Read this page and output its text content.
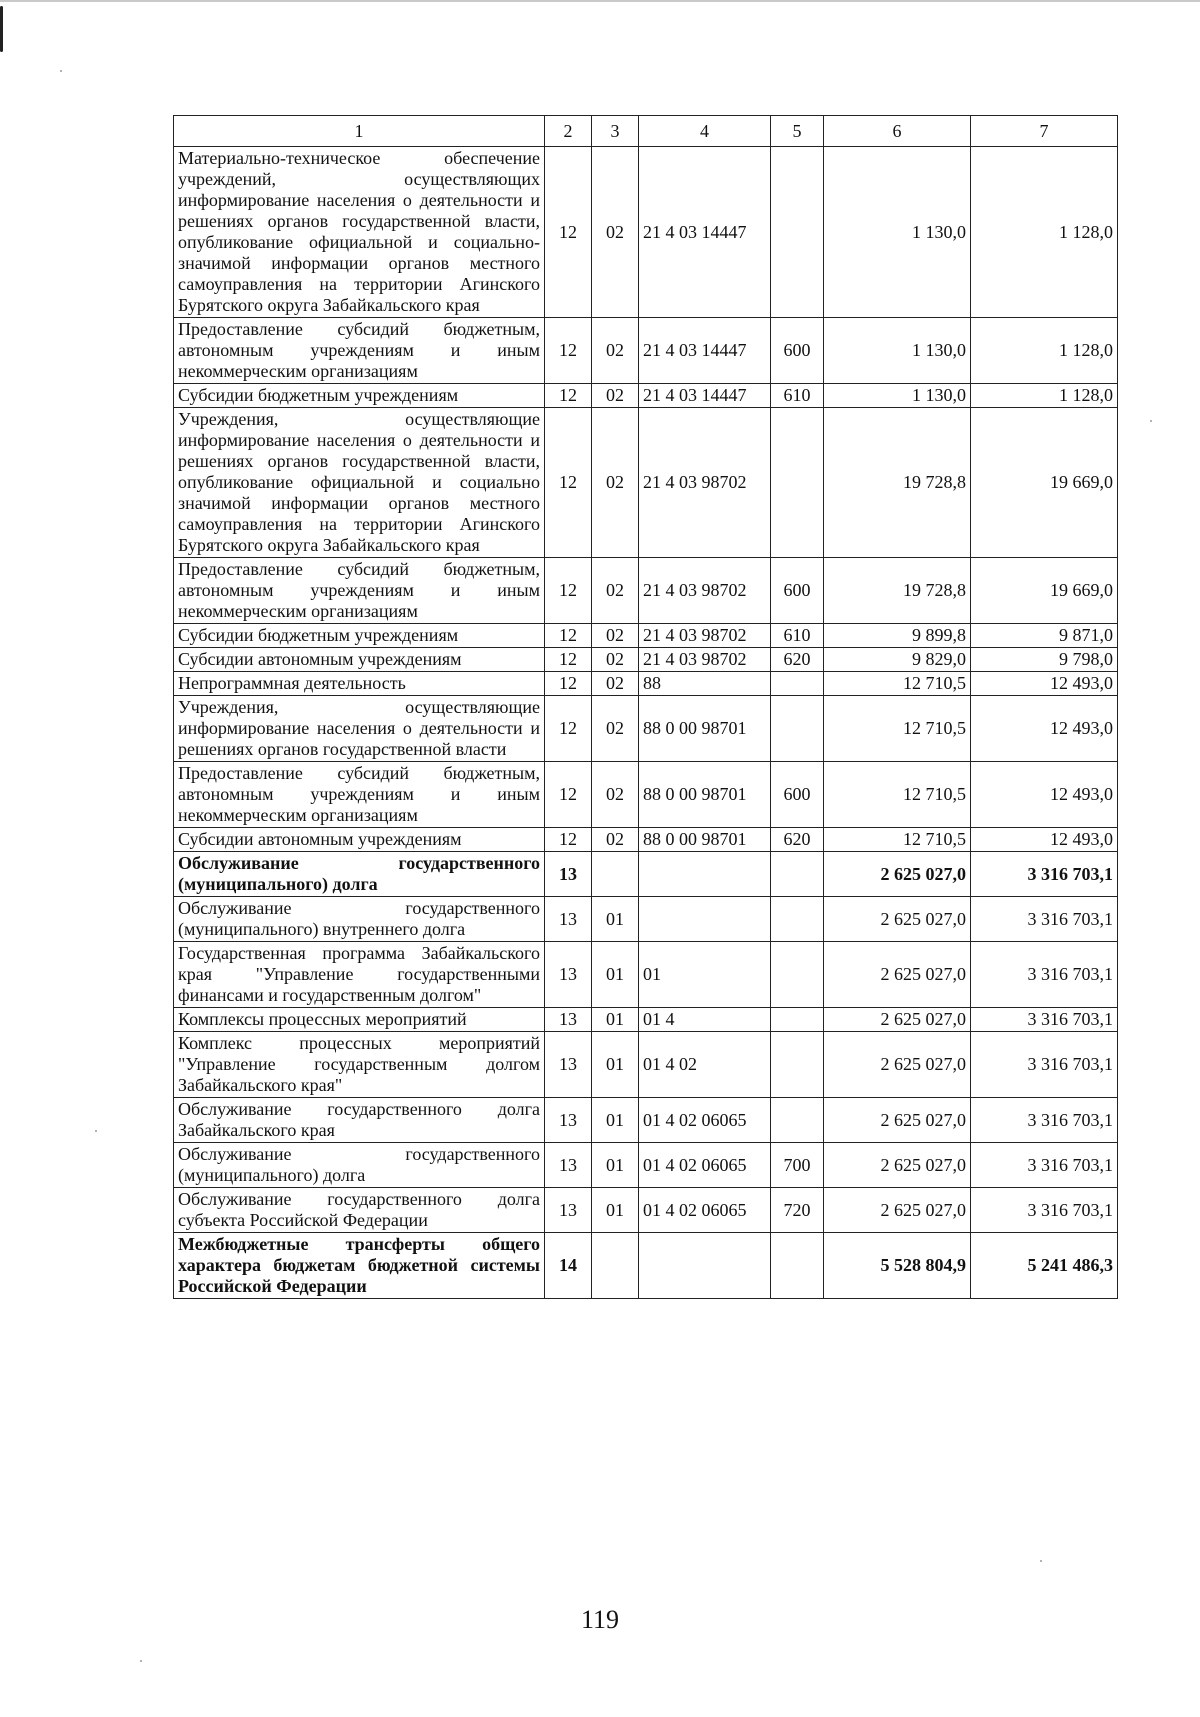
1	2	3	4	5	6	7
Материально-техническое обеспечение учреждений, осуществляющих информирование населения о деятельности и решениях органов государственной власти, опубликование официальной и социально-значимой информации органов местного самоуправления на территории Агинского Бурятского округа Забайкальского края	12	02	21 4 03 14447		1 130,0	1 128,0
Предоставление субсидий бюджетным, автономным учреждениям и иным некоммерческим организациям	12	02	21 4 03 14447	600	1 130,0	1 128,0
Субсидии бюджетным учреждениям	12	02	21 4 03 14447	610	1 130,0	1 128,0
Учреждения, осуществляющие информирование населения о деятельности и решениях органов государственной власти, опубликование официальной и социально значимой информации органов местного самоуправления на территории Агинского Бурятского округа Забайкальского края	12	02	21 4 03 98702		19 728,8	19 669,0
Предоставление субсидий бюджетным, автономным учреждениям и иным некоммерческим организациям	12	02	21 4 03 98702	600	19 728,8	19 669,0
Субсидии бюджетным учреждениям	12	02	21 4 03 98702	610	9 899,8	9 871,0
Субсидии автономным учреждениям	12	02	21 4 03 98702	620	9 829,0	9 798,0
Непрограммная деятельность	12	02	88		12 710,5	12 493,0
Учреждения, осуществляющие информирование населения о деятельности и решениях органов государственной власти	12	02	88 0 00 98701		12 710,5	12 493,0
Предоставление субсидий бюджетным, автономным учреждениям и иным некоммерческим организациям	12	02	88 0 00 98701	600	12 710,5	12 493,0
Субсидии автономным учреждениям	12	02	88 0 00 98701	620	12 710,5	12 493,0
Обслуживание государственного (муниципального) долга	13				2 625 027,0	3 316 703,1
Обслуживание государственного (муниципального) внутреннего долга	13	01			2 625 027,0	3 316 703,1
Государственная программа Забайкальского края "Управление государственными финансами и государственным долгом"	13	01	01		2 625 027,0	3 316 703,1
Комплексы процессных мероприятий	13	01	01 4		2 625 027,0	3 316 703,1
Комплекс процессных мероприятий "Управление государственным долгом Забайкальского края"	13	01	01 4 02		2 625 027,0	3 316 703,1
Обслуживание государственного долга Забайкальского края	13	01	01 4 02 06065		2 625 027,0	3 316 703,1
Обслуживание государственного (муниципального) долга	13	01	01 4 02 06065	700	2 625 027,0	3 316 703,1
Обслуживание государственного долга субъекта Российской Федерации	13	01	01 4 02 06065	720	2 625 027,0	3 316 703,1
Межбюджетные трансферты общего характера бюджетам бюджетной системы Российской Федерации	14				5 528 804,9	5 241 486,3
119
